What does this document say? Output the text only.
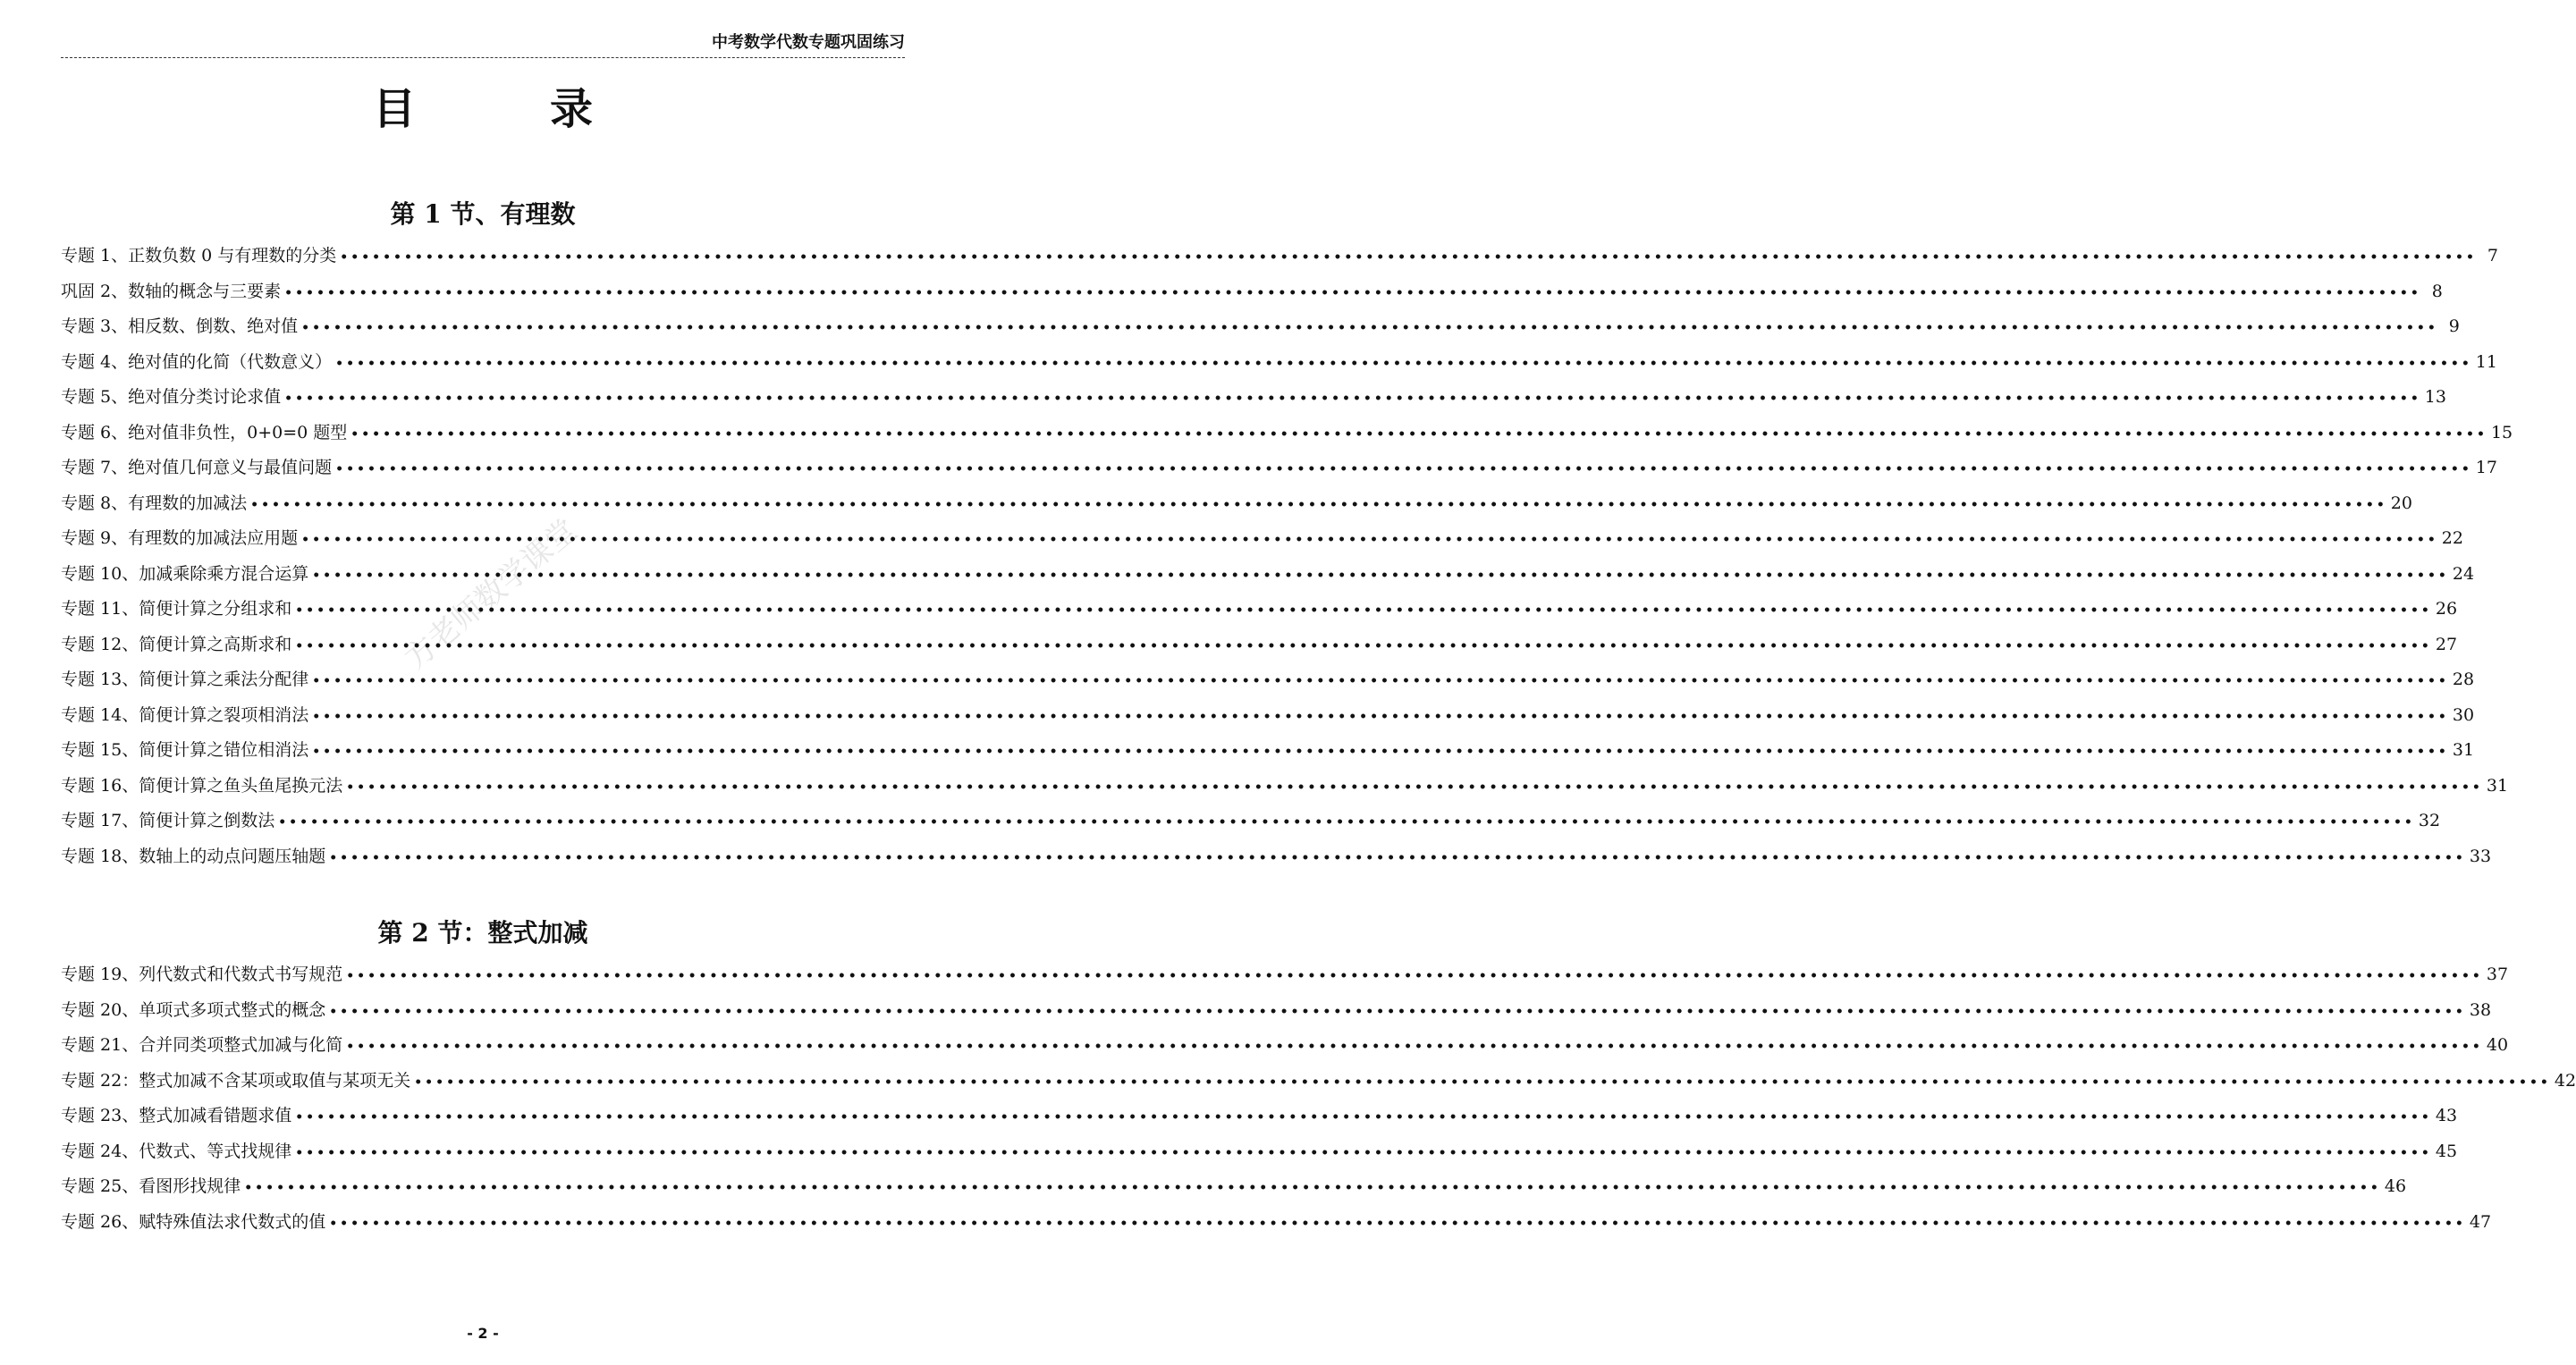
中考数学代数专题巩固练习
目	录
方老师数学课堂
第 1 节、有理数
专题 1、正数负数 0 与有理数的分类 •••••••••••••••••••••••••••••••••••••••••••••••••••••••••••••••••••••••••••••••••••••••••••••••••••••••••••••••••••••••••••••••••••••••••••••••••••••••••••••••••••••••••••••••••••••••••••••••••••••••• 7
巩固 2、数轴的概念与三要素 •••••••••••••••••••••••••••••••••••••••••••••••••••••••••••••••••••••••••••••••••••••••••••••••••••••••••••••••••••••••••••••••••••••••••••••••••••••••••••••••••••••••••••••••••••••••••••••••••••••••• 8
专题 3、相反数、倒数、绝对值 •••••••••••••••••••••••••••••••••••••••••••••••••••••••••••••••••••••••••••••••••••••••••••••••••••••••••••••••••••••••••••••••••••••••••••••••••••••••••••••••••••••••••••••••••••••••••••••••••••••••• 9
专题 4、绝对值的化简（代数意义） •••••••••••••••••••••••••••••••••••••••••••••••••••••••••••••••••••••••••••••••••••••••••••••••••••••••••••••••••••••••••••••••••••••••••••••••••••••••••••••••••••••••••••••••••••••••••••••••••••••••• 11
专题 5、绝对值分类讨论求值 •••••••••••••••••••••••••••••••••••••••••••••••••••••••••••••••••••••••••••••••••••••••••••••••••••••••••••••••••••••••••••••••••••••••••••••••••••••••••••••••••••••••••••••••••••••••••••••••••••••••• 13
专题 6、绝对值非负性，0+0=0 题型 •••••••••••••••••••••••••••••••••••••••••••••••••••••••••••••••••••••••••••••••••••••••••••••••••••••••••••••••••••••••••••••••••••••••••••••••••••••••••••••••••••••••••••••••••••••••••••••••••••••••• 15
专题 7、绝对值几何意义与最值问题 •••••••••••••••••••••••••••••••••••••••••••••••••••••••••••••••••••••••••••••••••••••••••••••••••••••••••••••••••••••••••••••••••••••••••••••••••••••••••••••••••••••••••••••••••••••••••••••••••••••••• 17
专题 8、有理数的加减法 •••••••••••••••••••••••••••••••••••••••••••••••••••••••••••••••••••••••••••••••••••••••••••••••••••••••••••••••••••••••••••••••••••••••••••••••••••••••••••••••••••••••••••••••••••••••••••••••••••••••• 20
专题 9、有理数的加减法应用题 •••••••••••••••••••••••••••••••••••••••••••••••••••••••••••••••••••••••••••••••••••••••••••••••••••••••••••••••••••••••••••••••••••••••••••••••••••••••••••••••••••••••••••••••••••••••••••••••••••••••• 22
专题 10、加减乘除乘方混合运算 •••••••••••••••••••••••••••••••••••••••••••••••••••••••••••••••••••••••••••••••••••••••••••••••••••••••••••••••••••••••••••••••••••••••••••••••••••••••••••••••••••••••••••••••••••••••••••••••••••••••• 24
专题 11、简便计算之分组求和 •••••••••••••••••••••••••••••••••••••••••••••••••••••••••••••••••••••••••••••••••••••••••••••••••••••••••••••••••••••••••••••••••••••••••••••••••••••••••••••••••••••••••••••••••••••••••••••••••••••••• 26
专题 12、简便计算之高斯求和 •••••••••••••••••••••••••••••••••••••••••••••••••••••••••••••••••••••••••••••••••••••••••••••••••••••••••••••••••••••••••••••••••••••••••••••••••••••••••••••••••••••••••••••••••••••••••••••••••••••••• 27
专题 13、简便计算之乘法分配律 •••••••••••••••••••••••••••••••••••••••••••••••••••••••••••••••••••••••••••••••••••••••••••••••••••••••••••••••••••••••••••••••••••••••••••••••••••••••••••••••••••••••••••••••••••••••••••••••••••••••• 28
专题 14、简便计算之裂项相消法 •••••••••••••••••••••••••••••••••••••••••••••••••••••••••••••••••••••••••••••••••••••••••••••••••••••••••••••••••••••••••••••••••••••••••••••••••••••••••••••••••••••••••••••••••••••••••••••••••••••••• 30
专题 15、简便计算之错位相消法 •••••••••••••••••••••••••••••••••••••••••••••••••••••••••••••••••••••••••••••••••••••••••••••••••••••••••••••••••••••••••••••••••••••••••••••••••••••••••••••••••••••••••••••••••••••••••••••••••••••••• 31
专题 16、简便计算之鱼头鱼尾换元法 •••••••••••••••••••••••••••••••••••••••••••••••••••••••••••••••••••••••••••••••••••••••••••••••••••••••••••••••••••••••••••••••••••••••••••••••••••••••••••••••••••••••••••••••••••••••••••••••••••••••• 31
专题 17、简便计算之倒数法 •••••••••••••••••••••••••••••••••••••••••••••••••••••••••••••••••••••••••••••••••••••••••••••••••••••••••••••••••••••••••••••••••••••••••••••••••••••••••••••••••••••••••••••••••••••••••••••••••••••••• 32
专题 18、数轴上的动点问题压轴题 •••••••••••••••••••••••••••••••••••••••••••••••••••••••••••••••••••••••••••••••••••••••••••••••••••••••••••••••••••••••••••••••••••••••••••••••••••••••••••••••••••••••••••••••••••••••••••••••••••••••• 33
第 2 节：整式加减
专题 19、列代数式和代数式书写规范 •••••••••••••••••••••••••••••••••••••••••••••••••••••••••••••••••••••••••••••••••••••••••••••••••••••••••••••••••••••••••••••••••••••••••••••••••••••••••••••••••••••••••••••••••••••••••••••••••••••••• 37
专题 20、单项式多项式整式的概念 •••••••••••••••••••••••••••••••••••••••••••••••••••••••••••••••••••••••••••••••••••••••••••••••••••••••••••••••••••••••••••••••••••••••••••••••••••••••••••••••••••••••••••••••••••••••••••••••••••••••• 38
专题 21、合并同类项整式加减与化简 •••••••••••••••••••••••••••••••••••••••••••••••••••••••••••••••••••••••••••••••••••••••••••••••••••••••••••••••••••••••••••••••••••••••••••••••••••••••••••••••••••••••••••••••••••••••••••••••••••••••• 40
专题 22：整式加减不含某项或取值与某项无关 •••••••••••••••••••••••••••••••••••••••••••••••••••••••••••••••••••••••••••••••••••••••••••••••••••••••••••••••••••••••••••••••••••••••••••••••••••••••••••••••••••••••••••••••••••••••••••••••••••••••• 42
专题 23、整式加减看错题求值 •••••••••••••••••••••••••••••••••••••••••••••••••••••••••••••••••••••••••••••••••••••••••••••••••••••••••••••••••••••••••••••••••••••••••••••••••••••••••••••••••••••••••••••••••••••••••••••••••••••••• 43
专题 24、代数式、等式找规律 •••••••••••••••••••••••••••••••••••••••••••••••••••••••••••••••••••••••••••••••••••••••••••••••••••••••••••••••••••••••••••••••••••••••••••••••••••••••••••••••••••••••••••••••••••••••••••••••••••••••• 45
专题 25、看图形找规律 •••••••••••••••••••••••••••••••••••••••••••••••••••••••••••••••••••••••••••••••••••••••••••••••••••••••••••••••••••••••••••••••••••••••••••••••••••••••••••••••••••••••••••••••••••••••••••••••••••••••• 46
专题 26、赋特殊值法求代数式的值 •••••••••••••••••••••••••••••••••••••••••••••••••••••••••••••••••••••••••••••••••••••••••••••••••••••••••••••••••••••••••••••••••••••••••••••••••••••••••••••••••••••••••••••••••••••••••••••••••••••••• 47
- 2 -
